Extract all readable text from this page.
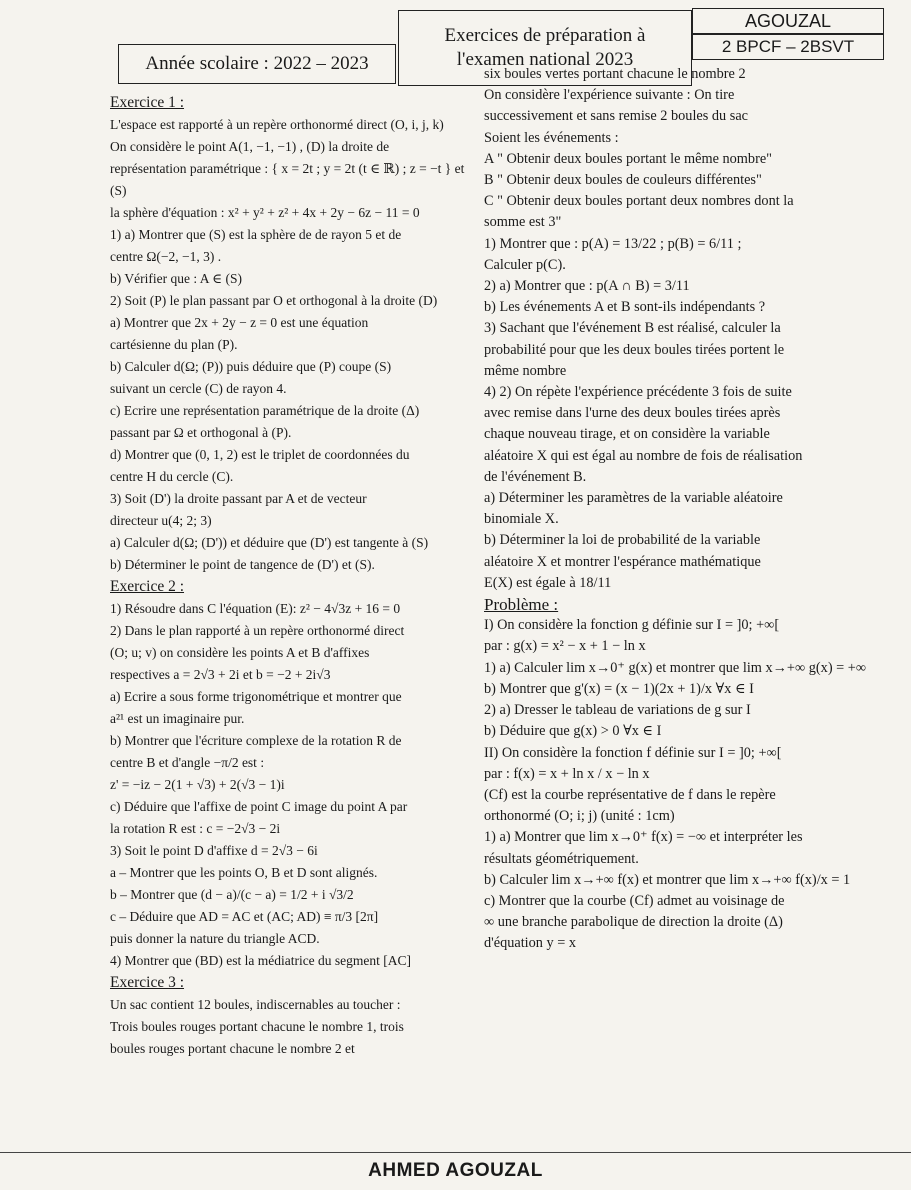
Année scolaire : 2022 – 2023
Exercices de préparation à
l'examen national 2023
AGOUZAL
2 BPCF – 2BSVT

Exercice 1 :

L'espace est rapporté à un repère orthonormé direct (O, i, j, k)

On considère le point A(1, −1, −1) , (D) la droite de

représentation paramétrique : { x = 2t ; y = 2t (t ∈ ℝ) ; z = −t } et (S)

la sphère d'équation : x² + y² + z² + 4x + 2y − 6z − 11 = 0

1) a) Montrer que (S) est la sphère de de rayon 5 et de

centre Ω(−2, −1, 3) .

b) Vérifier que : A ∈ (S)

2) Soit (P) le plan passant par O et orthogonal à la droite (D)

a) Montrer que 2x + 2y − z = 0 est une équation

cartésienne du plan (P).

b) Calculer d(Ω; (P)) puis déduire que (P) coupe (S)

suivant un cercle (C) de rayon 4.

c) Ecrire une représentation paramétrique de la droite (Δ)

passant par Ω et orthogonal à (P).

d) Montrer que (0, 1, 2) est le triplet de coordonnées du

centre H du cercle (C).

3) Soit (D') la droite passant par A et de vecteur

directeur u(4; 2; 3)

a) Calculer d(Ω; (D')) et déduire que (D') est tangente à (S)

b) Déterminer le point de tangence de (D') et (S).

Exercice 2 :

1) Résoudre dans C l'équation (E): z² − 4√3z + 16 = 0

2) Dans le plan rapporté à un repère orthonormé direct

(O; u; v) on considère les points A et B d'affixes

respectives a = 2√3 + 2i et b = −2 + 2i√3

a) Ecrire a sous forme trigonométrique et montrer que

a²¹ est un imaginaire pur.

b) Montrer que l'écriture complexe de la rotation R de

centre B et d'angle −π/2 est :

z' = −iz − 2(1 + √3) + 2(√3 − 1)i

c) Déduire que l'affixe de point C image du point A par

la rotation R est : c = −2√3 − 2i

3) Soit le point D d'affixe d = 2√3 − 6i

a – Montrer que les points O, B et D sont alignés.

b – Montrer que (d − a)/(c − a) = 1/2 + i √3/2

c – Déduire que AD = AC et (AC; AD) ≡ π/3 [2π]

puis donner la nature du triangle ACD.

4) Montrer que (BD) est la médiatrice du segment [AC]

Exercice 3 :

Un sac contient 12 boules, indiscernables au toucher :

Trois boules rouges portant chacune le nombre 1, trois

boules rouges portant chacune le nombre 2 et

six boules vertes portant chacune le nombre 2

On considère l'expérience suivante : On tire

successivement et sans remise 2 boules du sac

Soient les événements :

A " Obtenir deux boules portant le même nombre"

B " Obtenir deux boules de couleurs différentes"

C " Obtenir deux boules portant deux nombres dont la

somme est 3"

1) Montrer que : p(A) = 13/22 ; p(B) = 6/11 ;

Calculer p(C).

2) a) Montrer que : p(A ∩ B) = 3/11

b) Les événements A et B sont-ils indépendants ?

3) Sachant que l'événement B est réalisé, calculer la

probabilité pour que les deux boules tirées portent le

même nombre

4) 2) On répète l'expérience précédente 3 fois de suite

avec remise dans l'urne des deux boules tirées après

chaque nouveau tirage, et on considère la variable

aléatoire X qui est égal au nombre de fois de réalisation

de l'événement B.

a) Déterminer les paramètres de la variable aléatoire

binomiale X.

b) Déterminer la loi de probabilité de la variable

aléatoire X et montrer l'espérance mathématique

E(X) est égale à 18/11

Problème :

I) On considère la fonction g définie sur I = ]0; +∞[

par : g(x) = x² − x + 1 − ln x

1) a) Calculer lim x→0⁺ g(x) et montrer que lim x→+∞ g(x) = +∞

b) Montrer que g'(x) = (x − 1)(2x + 1)/x ∀x ∈ I

2) a) Dresser le tableau de variations de g sur I

b) Déduire que g(x) > 0 ∀x ∈ I

II) On considère la fonction f définie sur I = ]0; +∞[

par : f(x) = x + ln x / x − ln x

(Cf) est la courbe représentative de f dans le repère

orthonormé (O; i; j) (unité : 1cm)

1) a) Montrer que lim x→0⁺ f(x) = −∞ et interpréter les

résultats géométriquement.

b) Calculer lim x→+∞ f(x) et montrer que lim x→+∞ f(x)/x = 1

c) Montrer que la courbe (Cf) admet au voisinage de

∞ une branche parabolique de direction la droite (Δ)

d'équation y = x

AHMED AGOUZAL
